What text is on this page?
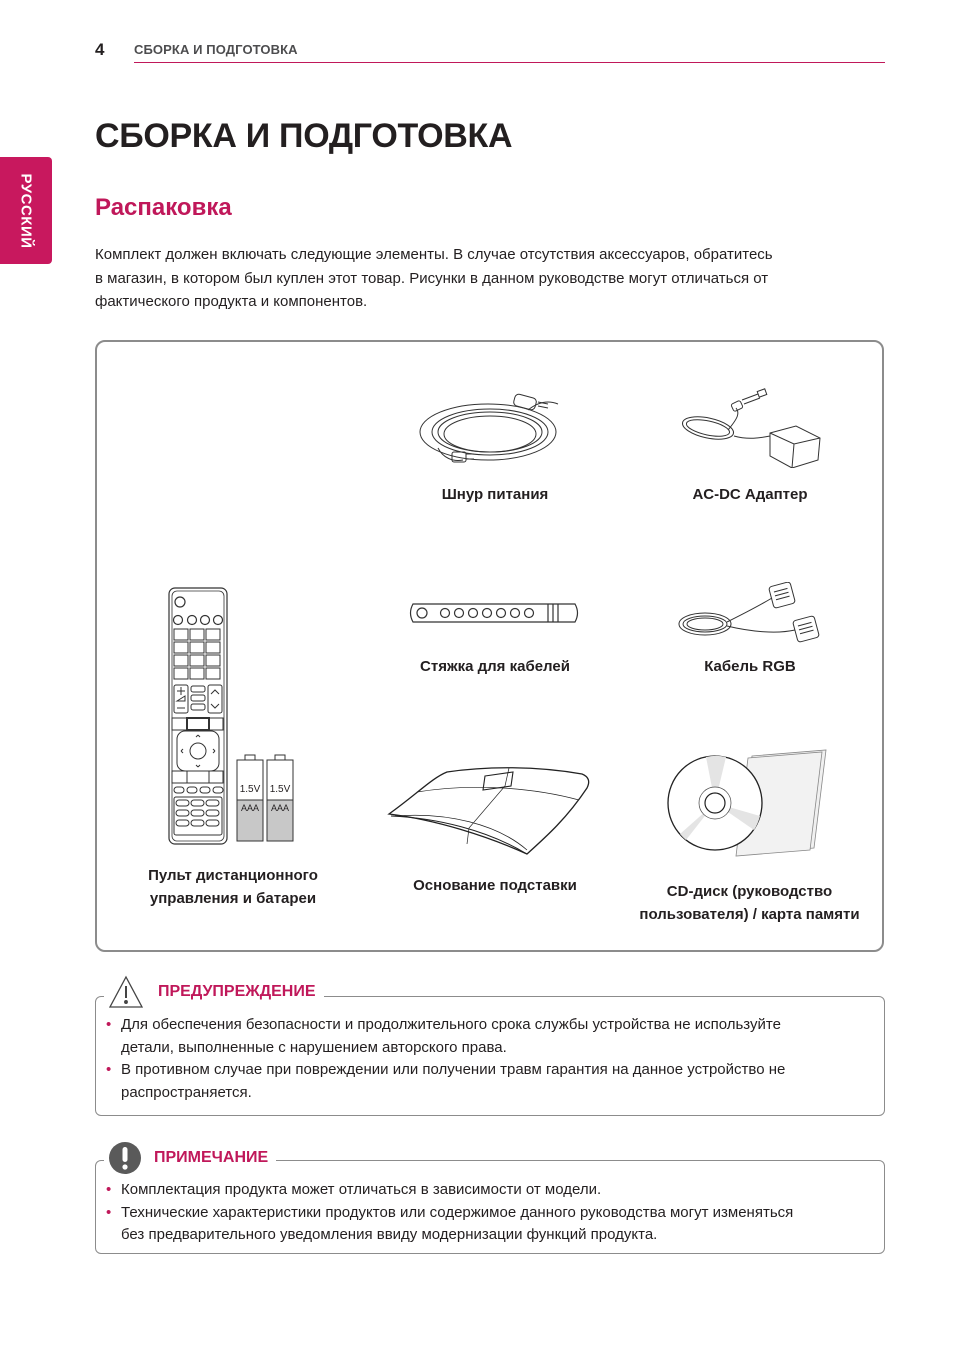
4 СБОРКА И ПОДГОТОВКА
РУССКИЙ
СБОРКА И ПОДГОТОВКА
Распаковка
Комплект должен включать следующие элементы. В случае отсутствия аксессуаров, обратитесь
в магазин, в котором был куплен этот товар. Рисунки в данном руководстве могут отличаться от
фактического продукта и компонентов.
Шнур питания	AC-DC Адаптер
1.5V
AAA
1.5V
AAA
Пульт дистанционного
управления и батареи
Стяжка для кабелей	Кабель RGB
Основание подставки	CD-диск (руководство
пользователя) / карта памяти
ПРЕДУПРЕЖДЕНИЕ
• Для обеспечения безопасности и продолжительного срока службы устройства не используйте
детали, выполненные с нарушением авторского права.
• В противном случае при повреждении или получении травм гарантия на данное устройство не
распространяется.
ПРИМЕЧАНИЕ
• Комплектация продукта может отличаться в зависимости от модели.
• Технические характеристики продуктов или содержимое данного руководства могут изменяться
без предварительного уведомления ввиду модернизации функций продукта.
